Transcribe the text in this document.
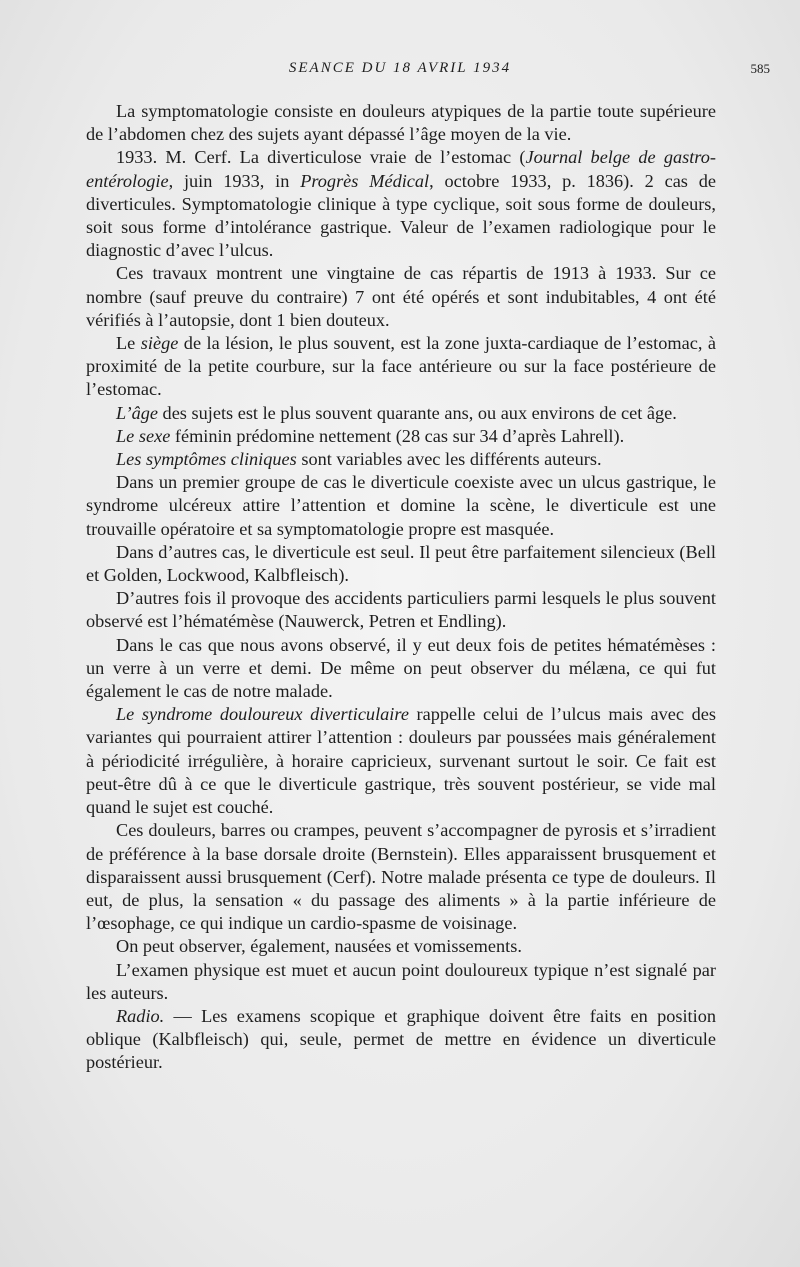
SEANCE DU 18 AVRIL 1934	585

La symptomatologie consiste en douleurs atypiques de la partie toute supérieure de l’abdomen chez des sujets ayant dépassé l’âge moyen de la vie.

1933. M. Cerf. La diverticulose vraie de l’estomac (Journal belge de gastro-entérologie, juin 1933, in Progrès Médical, octobre 1933, p. 1836). 2 cas de diverticules. Symptomatologie clinique à type cyclique, soit sous forme de douleurs, soit sous forme d’intolérance gastrique. Valeur de l’examen radiologique pour le diagnostic d’avec l’ulcus.

Ces travaux montrent une vingtaine de cas répartis de 1913 à 1933. Sur ce nombre (sauf preuve du contraire) 7 ont été opérés et sont indubitables, 4 ont été vérifiés à l’autopsie, dont 1 bien douteux.

Le siège de la lésion, le plus souvent, est la zone juxta-cardiaque de l’estomac, à proximité de la petite courbure, sur la face antérieure ou sur la face postérieure de l’estomac.

L’âge des sujets est le plus souvent quarante ans, ou aux environs de cet âge.

Le sexe féminin prédomine nettement (28 cas sur 34 d’après Lahrell).

Les symptômes cliniques sont variables avec les différents auteurs.

Dans un premier groupe de cas le diverticule coexiste avec un ulcus gastrique, le syndrome ulcéreux attire l’attention et domine la scène, le diverticule est une trouvaille opératoire et sa symptomatologie propre est masquée.

Dans d’autres cas, le diverticule est seul. Il peut être parfaitement silencieux (Bell et Golden, Lockwood, Kalbfleisch).

D’autres fois il provoque des accidents particuliers parmi lesquels le plus souvent observé est l’hématémèse (Nauwerck, Petren et Endling).

Dans le cas que nous avons observé, il y eut deux fois de petites hématémèses : un verre à un verre et demi. De même on peut observer du mélæna, ce qui fut également le cas de notre malade.

Le syndrome douloureux diverticulaire rappelle celui de l’ulcus mais avec des variantes qui pourraient attirer l’attention : douleurs par poussées mais généralement à périodicité irrégulière, à horaire capricieux, survenant surtout le soir. Ce fait est peut-être dû à ce que le diverticule gastrique, très souvent postérieur, se vide mal quand le sujet est couché.

Ces douleurs, barres ou crampes, peuvent s’accompagner de pyrosis et s’irradient de préférence à la base dorsale droite (Bernstein). Elles apparaissent brusquement et disparaissent aussi brusquement (Cerf). Notre malade présenta ce type de douleurs. Il eut, de plus, la sensation « du passage des aliments » à la partie inférieure de l’œsophage, ce qui indique un cardio-spasme de voisinage.

On peut observer, également, nausées et vomissements.

L’examen physique est muet et aucun point douloureux typique n’est signalé par les auteurs.

Radio. — Les examens scopique et graphique doivent être faits en position oblique (Kalbfleisch) qui, seule, permet de mettre en évidence un diverticule postérieur.
